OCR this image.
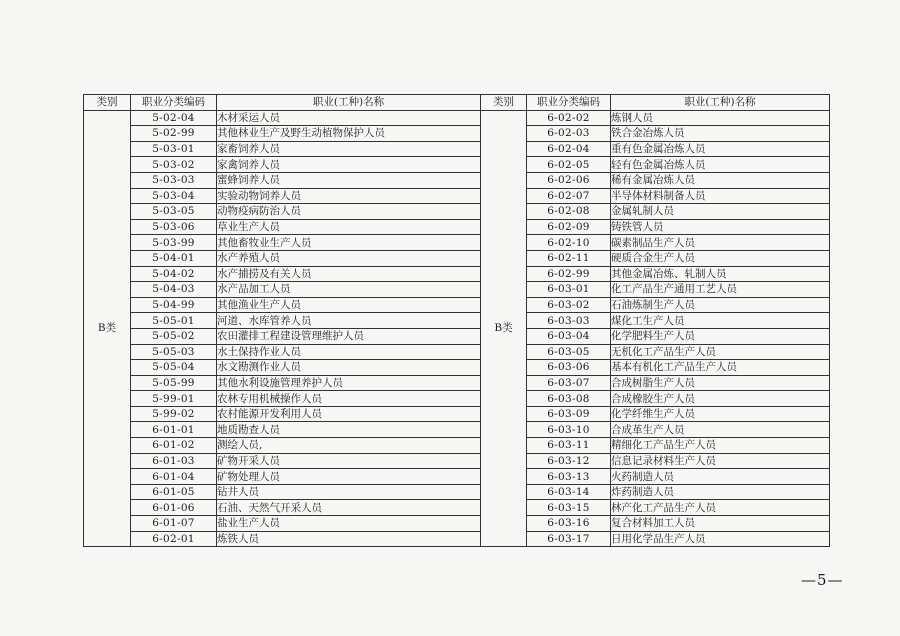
类别	职业分类编码	职业(工种)名称	类别	职业分类编码	职业(工种)名称
B类	5-02-04	木材采运人员	B类	6-02-02	炼钢人员
	5-02-99	其他林业生产及野生动植物保护人员		6-02-03	铁合金冶炼人员
	5-03-01	家畜饲养人员		6-02-04	重有色金属冶炼人员
	5-03-02	家禽饲养人员		6-02-05	轻有色金属冶炼人员
	5-03-03	蜜蜂饲养人员		6-02-06	稀有金属冶炼人员
	5-03-04	实验动物饲养人员		6-02-07	半导体材料制备人员
	5-03-05	动物疫病防治人员		6-02-08	金属轧制人员
	5-03-06	草业生产人员		6-02-09	铸铁管人员
	5-03-99	其他畜牧业生产人员		6-02-10	碳素制品生产人员
	5-04-01	水产养殖人员		6-02-11	硬质合金生产人员
	5-04-02	水产捕捞及有关人员		6-02-99	其他金属冶炼、轧制人员
	5-04-03	水产品加工人员		6-03-01	化工产品生产通用工艺人员
	5-04-99	其他渔业生产人员		6-03-02	石油炼制生产人员
	5-05-01	河道、水库管养人员		6-03-03	煤化工生产人员
	5-05-02	农田灌排工程建设管理维护人员		6-03-04	化学肥料生产人员
	5-05-03	水土保持作业人员		6-03-05	无机化工产品生产人员
	5-05-04	水文勘测作业人员		6-03-06	基本有机化工产品生产人员
	5-05-99	其他水利设施管理养护人员		6-03-07	合成树脂生产人员
	5-99-01	农林专用机械操作人员		6-03-08	合成橡胶生产人员
	5-99-02	农村能源开发利用人员		6-03-09	化学纤维生产人员
	6-01-01	地质勘查人员		6-03-10	合成革生产人员
	6-01-02	测绘人员,		6-03-11	精细化工产品生产人员
	6-01-03	矿物开采人员		6-03-12	信息记录材料生产人员
	6-01-04	矿物处理人员		6-03-13	火药制造人员
	6-01-05	钻井人员		6-03-14	炸药制造人员
	6-01-06	石油、天然气开采人员		6-03-15	林产化工产品生产人员
	6-01-07	盐业生产人员		6-03-16	复合材料加工人员
	6-02-01	炼铁人员		6-03-17	日用化学品生产人员
—5—
